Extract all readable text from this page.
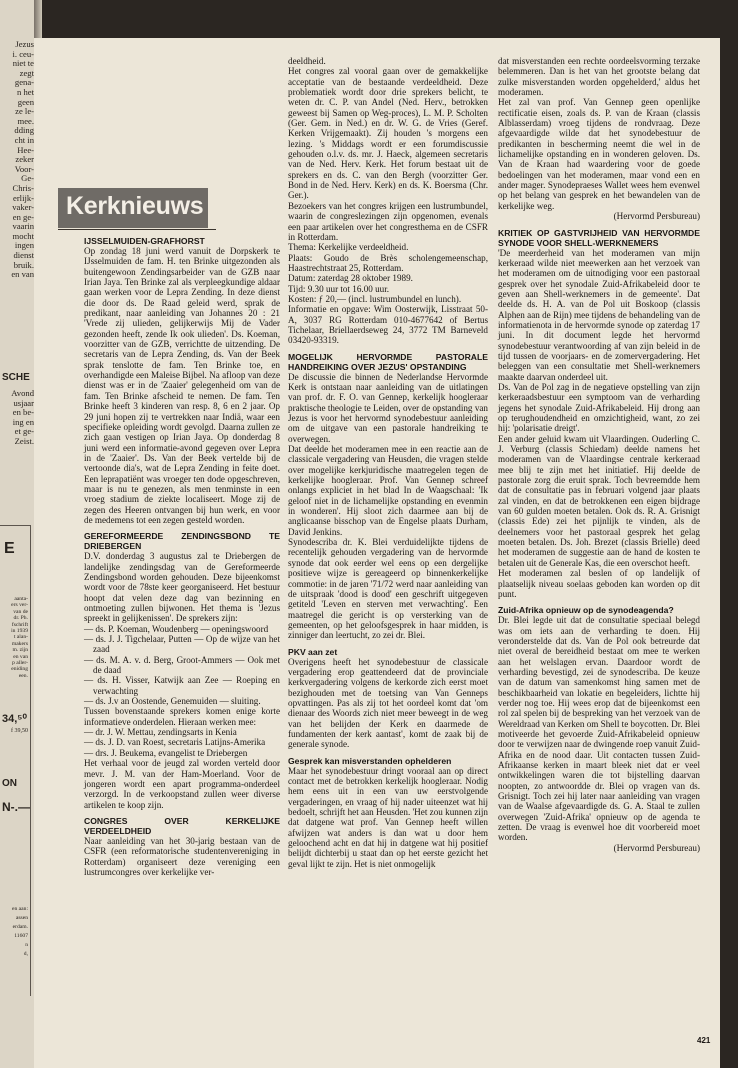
Jezus
i. ceu-
niet te
zegt
gena-
n het
geen
ze le-
mee.
dding
cht in
Hee-
zeker
Voor-
Ge-
Chris-
erlijk-
vaker-
en ge-
vaarin
mocht
ingen
dienst
bruik.
en van
SCHE
Avond
usjaar
en be-
ing en
et ge-
Zeist.
E
aanta-
ers ver-
van de
dr. Ph.
fschrift
in 1939
t alan-
makers
m. zijn
en van
p aller-
eniding
een.
34,⁵⁰
f 39,50
ON
N-.—
en aan:
assen
erdam.
11607
n
d,
Kerknieuws
IJSSELMUIDEN-GRAFHORST

Op zondag 18 juni werd vanuit de Dorpskerk te IJsselmuiden de fam. H. ten Brinke uitgezonden als buitengewoon Zendingsarbeider van de GZB naar Irian Jaya. Ten Brinke zal als verpleegkundige aldaar gaan werken voor de Lepra Zending. In deze dienst die door ds. De Raad geleid werd, sprak de predikant, naar aanleiding van Johannes 20 : 21 'Vrede zij ulieden, gelijkerwijs Mij de Vader gezonden heeft, zende Ik ook ulieden'. Ds. Koeman, voorzitter van de GZB, verrichtte de uitzending. De secretaris van de Lepra Zending, ds. Van der Beek sprak tenslotte de fam. Ten Brinke toe, en overhandigde een Maleise Bijbel. Na afloop van deze dienst was er in de 'Zaaier' gelegenheid om van de fam. Ten Brinke afscheid te nemen. De fam. Ten Brinke heeft 3 kinderen van resp. 8, 6 en 2 jaar. Op 29 juni hopen zij te vertrekken naar Indiä, waar een specifieke opleiding wordt gevolgd. Daarna zullen ze zich gaan vestigen op Irian Jaya. Op donderdag 8 juni werd een informatie-avond gegeven over Lepra in de 'Zaaier'. Ds. Van der Beek vertelde bij de vertoonde dia's, wat de Lepra Zending in feite doet. Een leprapatiënt was vroeger ten dode opgeschreven, maar is nu te genezen, als men tenminste in een vroeg stadium de ziekte localiseert. Moge zij de zegen des Heeren ontvangen bij hun werk, en voor de medemens tot een zegen gesteld worden.

GEREFORMEERDE ZENDINGSBOND TE DRIEBERGEN

D.V. donderdag 3 augustus zal te Driebergen de landelijke zendingsdag van de Gereformeerde Zendingsbond worden gehouden. Deze bijeenkomst wordt voor de 78ste keer georganiseerd. Het bestuur hoopt dat velen deze dag van bezinning en ontmoeting zullen bijwonen. Het thema is 'Jezus spreekt in gelijkenissen'. De sprekers zijn:

— ds. P. Koeman, Woudenberg — openingswoord

— ds. J. J. Tigchelaar, Putten — Op de wijze van het zaad

— ds. M. A. v. d. Berg, Groot-Ammers — Ook met de daad

— ds. H. Visser, Katwijk aan Zee — Roeping en verwachting

— ds. J.v an Oostende, Genemuiden — sluiting.

Tussen bovenstaande sprekers komen enige korte informatieve onderdelen. Hieraan werken mee:

— dr. J. W. Mettau, zendingsarts in Kenia

— ds. J. D. van Roest, secretaris Latijns-Amerika

— drs. J. Beukema, evangelist te Driebergen

Het verhaal voor de jeugd zal worden verteld door mevr. J. M. van der Ham-Moerland. Voor de jongeren wordt een apart programma-onderdeel verzorgd. In de verkoopstand zullen weer diverse artikelen te koop zijn.

CONGRES OVER KERKELIJKE VERDEELDHEID

Naar aanleiding van het 30-jarig bestaan van de CSFR (een reformatorische studentenvereniging in Rotterdam) organiseert deze vereniging een lustrumcongres over kerkelijke ver-

deeldheid.

Het congres zal vooral gaan over de gemakkelijke acceptatie van de bestaande verdeeldheid. Deze problematiek wordt door drie sprekers belicht, te weten dr. C. P. van Andel (Ned. Herv., betrokken geweest bij Samen op Weg-proces), L. M. P. Scholten (Ger. Gem. in Ned.) en dr. W. G. de Vries (Geref. Kerken Vrijgemaakt). Zij houden 's morgens een lezing. 's Middags wordt er een forumdiscussie gehouden o.l.v. ds. mr. J. Haeck, algemeen secretaris van de Ned. Herv. Kerk. Het forum bestaat uit de sprekers en ds. C. van den Bergh (voorzitter Ger. Bond in de Ned. Herv. Kerk) en ds. K. Boersma (Chr. Ger.).

Bezoekers van het congres krijgen een lustrumbundel, waarin de congreslezingen zijn opgenomen, evenals een paar artikelen over het congresthema en de CSFR in Rotterdam.

Thema: Kerkelijke verdeeldheid.

Plaats: Goudo de Brès scholengemeenschap, Haastrechtstraat 25, Rotterdam.

Datum: zaterdag 28 oktober 1989.

Tijd: 9.30 uur tot 16.00 uur.

Kosten: ƒ 20,— (incl. lustrumbundel en lunch).

Informatie en opgave: Wim Oosterwijk, Lisstraat 50-A, 3037 RG Rotterdam 010-4677642 of Bertus Tichelaar, Briellaerdseweg 24, 3772 TM Barneveld 03420-93319.

MOGELIJK HERVORMDE PASTORALE HANDREIKING OVER JEZUS' OPSTANDING

De discussie die binnen de Nederlandse Hervormde Kerk is ontstaan naar aanleiding van de uitlatingen van prof. dr. F. O. van Gennep, kerkelijk hoogleraar praktische theologie te Leiden, over de opstanding van Jezus is voor het hervormd synodebestuur aanleiding om de uitgave van een pastorale handreiking te overwegen.

Dat deelde het moderamen mee in een reactie aan de classicale vergadering van Heusden, die vragen stelde over mogelijke kerkjuridische maatregelen tegen de kerkelijke hoogleraar. Prof. Van Gennep schreef onlangs expliciet in het blad In de Waagschaal: 'Ik geloof niet in de lichamelijke opstanding en evenmin in wonderen'. Hij sloot zich daarmee aan bij de anglicaanse bisschop van de Engelse plaats Durham, David Jenkins.

Synodescriba dr. K. Blei verduidelijkte tijdens de recentelijk gehouden vergadering van de hervormde synode dat ook eerder wel eens op een dergelijke positieve wijze is gereageerd op binnenkerkelijke commotie: in de jaren '71/72 werd naar aanleiding van de uitspraak 'dood is dood' een geschrift uitgegeven getiteld 'Leven en sterven met verwachting'. Een maatregel die gericht is op versterking van de gemeenten, op het geloofsgesprek in haar midden, is zinniger dan leertucht, zo zei dr. Blei.

PKV aan zet

Overigens heeft het synodebestuur de classicale vergadering erop geattendeerd dat de provinciale kerkvergadering volgens de kerkorde zich eerst moet bezighouden met de toetsing van Van Genneps opvattingen. Pas als zij tot het oordeel komt dat 'om dienaar des Woords zich niet meer beweegt in de weg van het belijden der Kerk en daarmede de fundamenten der kerk aantast', komt de zaak bij de generale synode.

Gesprek kan misverstanden ophelderen

Maar het synodebestuur dringt vooraal aan op direct contact met de betrokken kerkelijk hoogleraar. Nodig hem eens uit in een van uw eerstvolgende vergaderingen, en vraag of hij nader uiteenzet wat hij bedoelt, schrijft het aan Heusden. 'Het zou kunnen zijn dat datgene wat prof. Van Gennep heeft willen afwijzen wat anders is dan wat u door hem geloochend acht en dat hij in datgene wat hij positief belijdt dichterbij u staat dan op het eerste gezicht het geval lijkt te zijn. Het is niet onmogelijk

dat misverstanden een rechte oordeelsvorming terzake belemmeren. Dan is het van het grootste belang dat zulke misverstanden worden opgehelderd,' aldus het moderamen.

Het zal van prof. Van Gennep geen openlijke rectificatie eisen, zoals ds. P. van de Kraan (classis Alblasserdam) vroeg tijdens de rondvraag. Deze afgevaardigde wilde dat het synodebestuur de predikanten in bescherming neemt die wel in de lichamelijke opstanding en in wonderen geloven. Ds. Van de Kraan had waardering voor de goede bedoelingen van het moderamen, maar vond een en ander mager. Synodepraeses Wallet wees hem evenwel op het belang van gesprek en het bewandelen van de kerkelijke weg.

(Hervormd Persbureau)

KRITIEK OP GASTVRIJHEID VAN HERVORMDE SYNODE VOOR SHELL-WERKNEMERS

'De meerderheid van het moderamen van mijn kerkeraad wilde niet meewerken aan het verzoek van het moderamen om de uitnodiging voor een pastoraal gesprek over het synodale Zuid-Afrikabeleid door te geven aan Shell-werknemers in de gemeente'. Dat deelde ds. H. A. van de Pol uit Boskoop (classis Alphen aan de Rijn) mee tijdens de behandeling van de informatienota in de hervormde synode op zaterdag 17 juni. In dit document legde het hervormd synodebestuur verantwoording af van zijn beleid in de tijd tussen de voorjaars- en de zomervergadering. Het beleggen van een consultatie met Shell-werknemers maakte daarvan onderdeel uit.

Ds. Van de Pol zag in de negatieve opstelling van zijn kerkeraadsbestuur een symptoom van de verharding jegens het synodale Zuid-Afrikabeleid. Hij drong aan op terughoudendheid en omzichtigheid, want, zo zei hij: 'polarisatie dreigt'.

Een ander geluid kwam uit Vlaardingen. Ouderling C. J. Verburg (classis Schiedam) deelde namens het moderamen van de Vlaardingse centrale kerkeraad mee blij te zijn met het initiatief. Hij deelde de pastorale zorg die eruit sprak. Toch bevreemdde hem dat de consultatie pas in februari volgend jaar plaats zal vinden, en dat de betrokkenen een eigen bijdrage van 60 gulden moeten betalen. Ook ds. R. A. Grisnigt (classis Ede) zei het pijnlijk te vinden, als de deelnemers voor het pastoraal gesprek het gelag moeten betalen. Ds. Joh. Brezet (classis Brielle) deed het moderamen de suggestie aan de hand de kosten te betalen uit de Generale Kas, die een overschot heeft.

Het moderamen zal beslen of op landelijk of plaatselijk niveau soelaas geboden kan worden op dit punt.

Zuid-Afrika opnieuw op de synodeagenda?

Dr. Blei legde uit dat de consultatie speciaal belegd was om iets aan de verharding te doen. Hij veronderstelde dat ds. Van de Pol ook betreurde dat niet overal de bereidheid bestaat om mee te werken aan het welslagen ervan. Daardoor wordt de verharding bevestigd, zei de synodescriba. De keuze van de datum van samenkomst hing samen met de beschikbaarheid van lokatie en begeleiders, lichtte hij verder nog toe. Hij wees erop dat de bijeenkomst een rol zal spelen bij de bespreking van het verzoek van de Wereldraad van Kerken om Shell te boycotten. Dr. Blei motiveerde het gevoerde Zuid-Afrikabeleid opnieuw door te verwijzen naar de dwingende roep vanuit Zuid-Afrika en de nood daar. Uit contacten tussen Zuid-Afrikaanse kerken in maart bleek niet dat er veel ontwikkelingen waren die tot bijstelling daarvan noopten, zo antwoordde dr. Blei op vragen van ds. Grisnigt. Toch zei hij later naar aanleiding van vragen van de Waalse afgevaardigde ds. G. A. Staal te zullen overwegen 'Zuid-Afrika' opnieuw op de agenda te zetten. De vraag is evenwel hoe dit voorbereid moet worden.

(Hervormd Persbureau)

421
